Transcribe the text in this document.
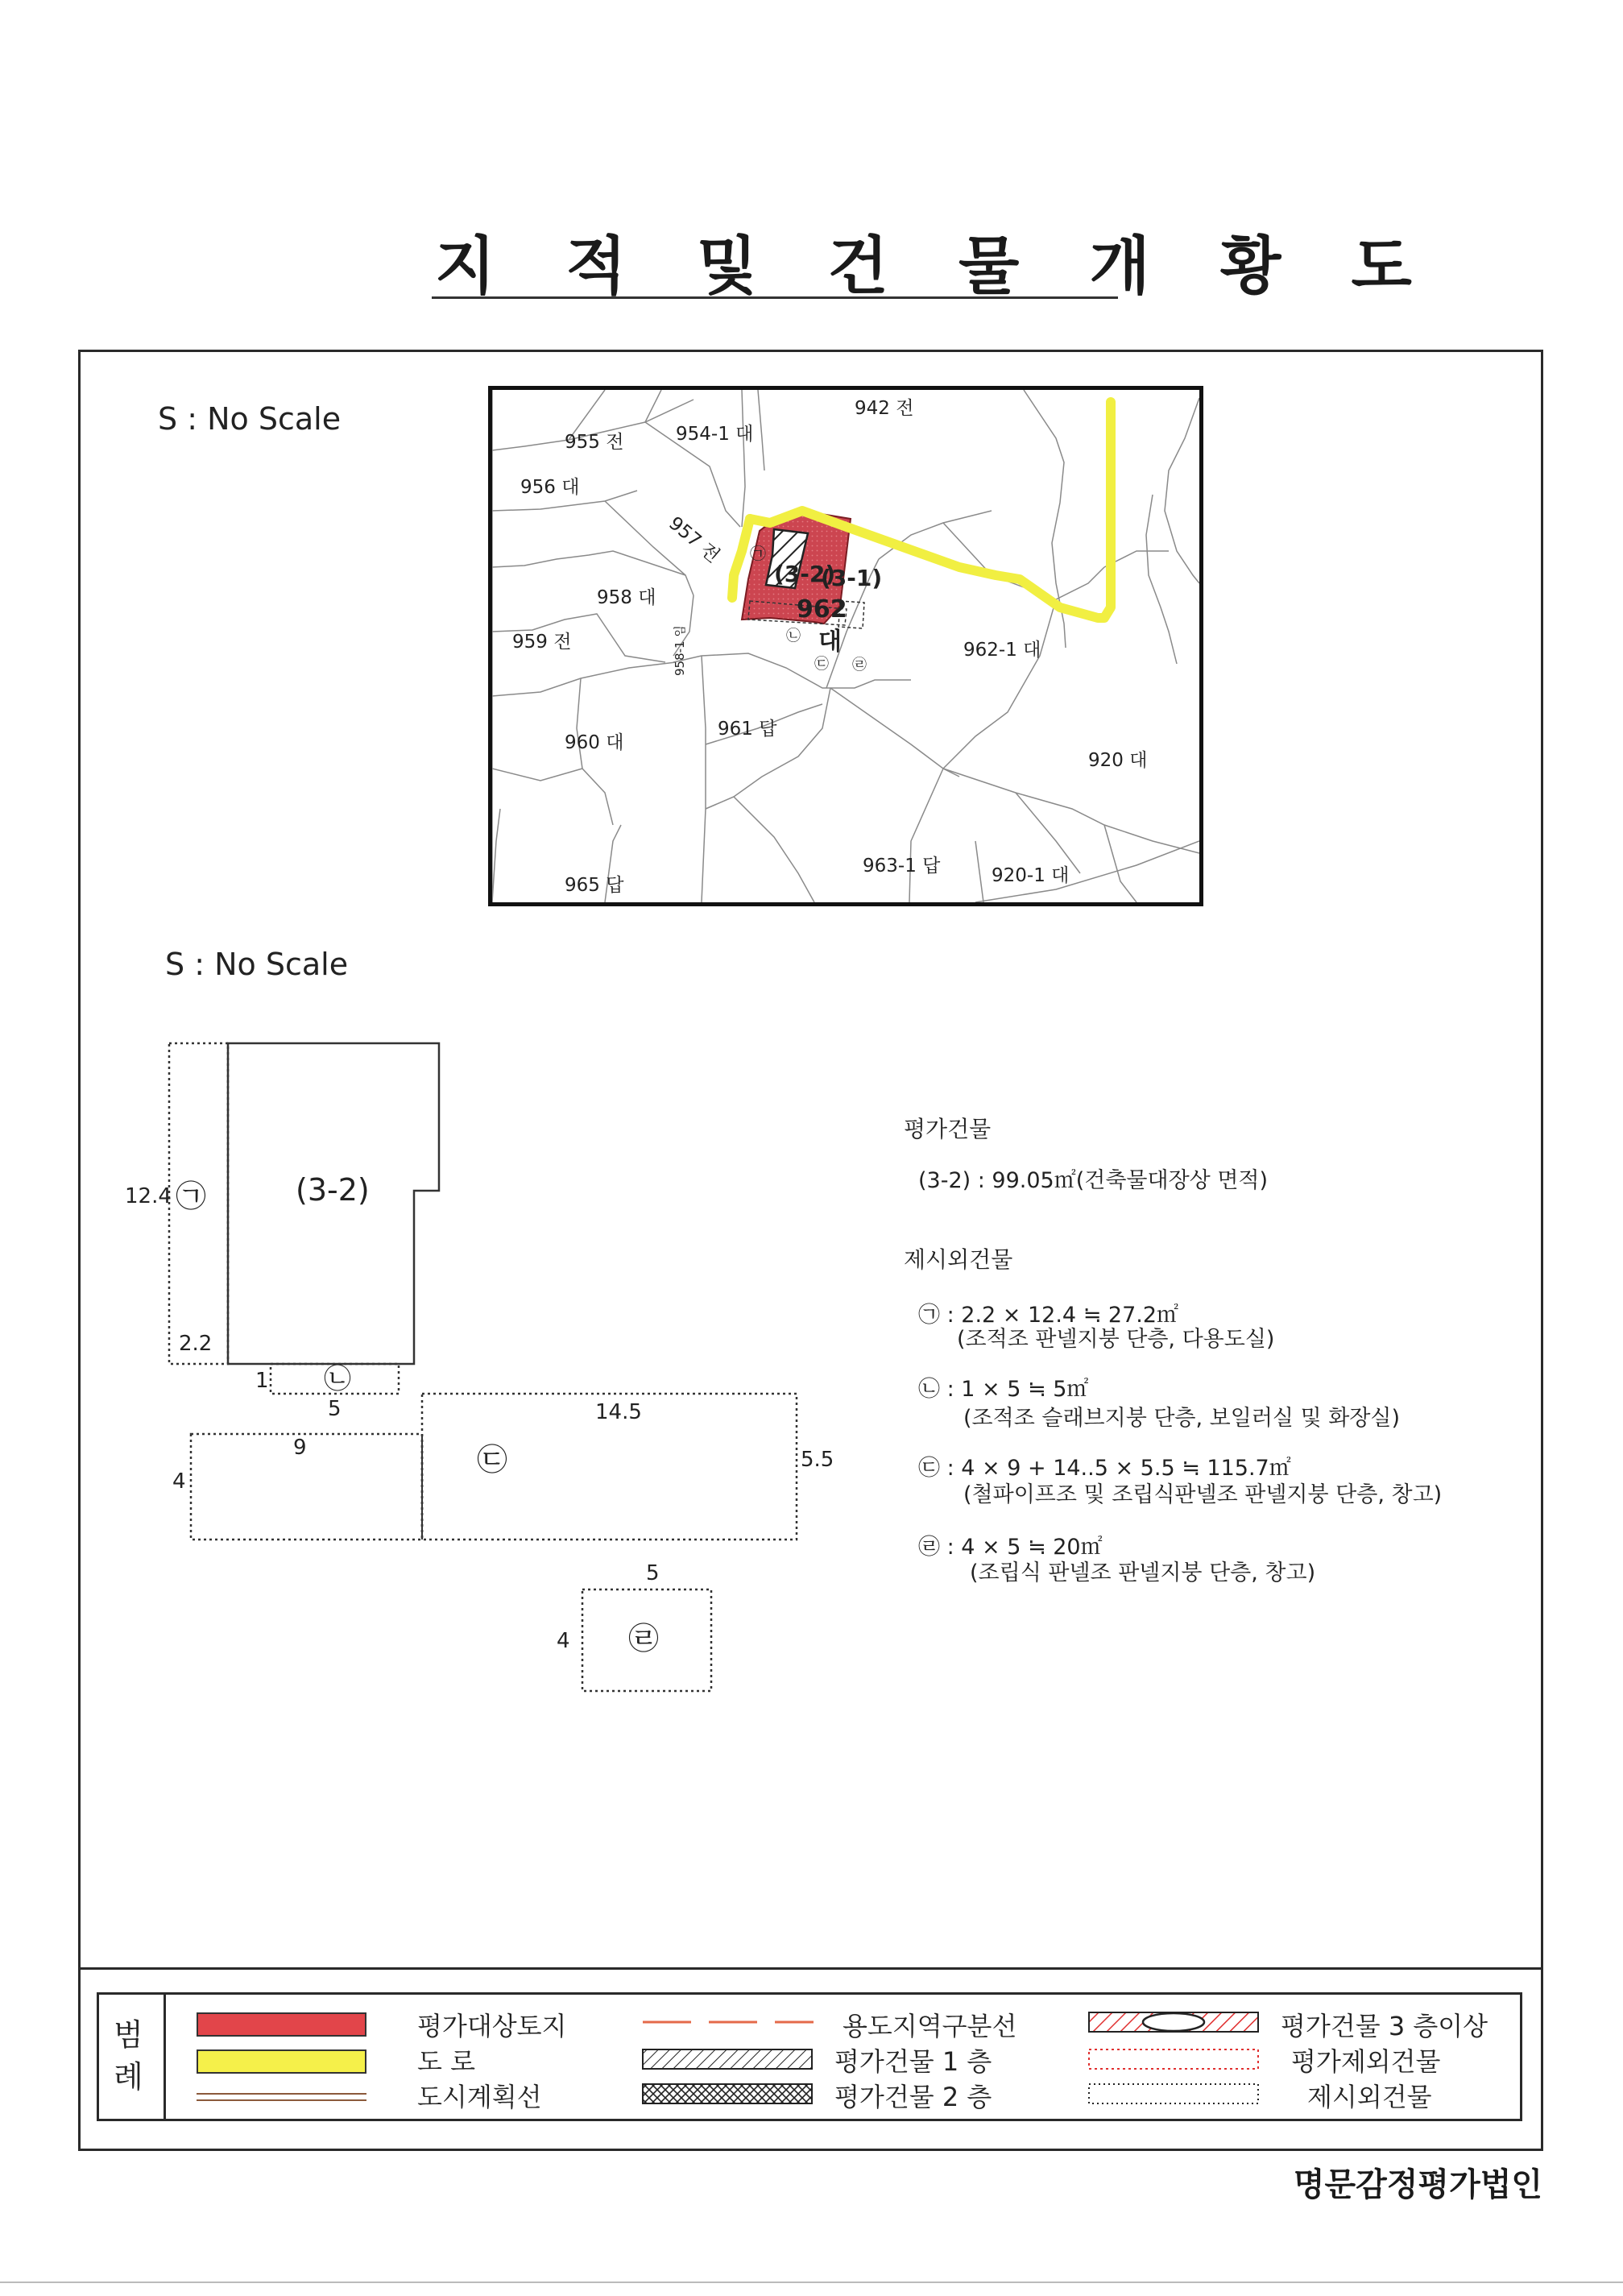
지 적 및 건 물 개 황 도
S : No Scale
S : No Scale
942 전
955 전	954-1 대
956 대
957 전
958 대
959 전	958-1 임
962
대	962-1 대
960 대
961 답
920 대
963-1 답	920-1 대
965 답
(3-2)
(3-1)
㉠
㉡
㉢ ㉣
(3-2)
12.4
2.2
1
5
9
4
14.5
5.5
5
4
㉠
㉡
㉢
㉣
평가건물
(3-2) : 99.05㎡(건축물대장상 면적)
제시외건물
㉠ : 2.2 × 12.4 ≒ 27.2㎡
(조적조 판넬지붕 단층, 다용도실)
㉡ : 1 × 5 ≒ 5㎡
(조적조 슬래브지붕 단층, 보일러실 및 화장실)
㉢ : 4 × 9 + 14..5 × 5.5 ≒ 115.7㎡
(철파이프조 및 조립식판넬조 판넬지붕 단층, 창고)
㉣ : 4 × 5 ≒ 20㎡
(조립식 판넬조 판넬지붕 단층, 창고)
범
례
평가대상토지
도 로
도시계획선
용도지역구분선
평가건물 1 층
평가건물 2 층
평가건물 3 층이상
평가제외건물
제시외건물
명문감정평가법인
